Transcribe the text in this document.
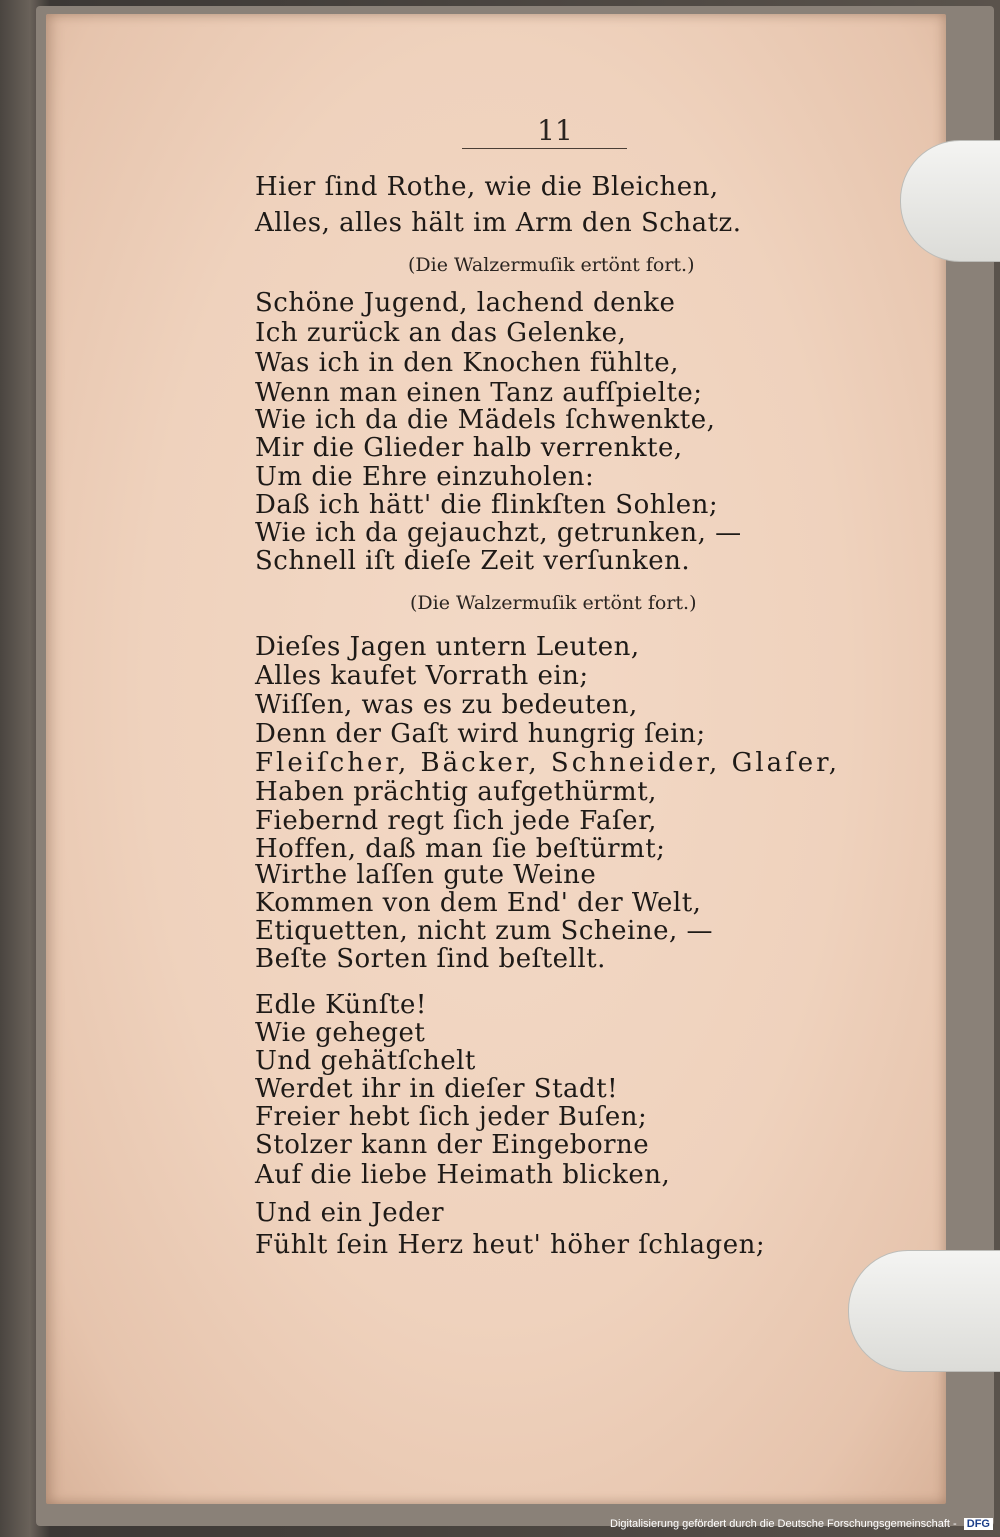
11
Hier ſind Rothe, wie die Bleichen,
Alles, alles hält im Arm den Schatz.
(Die Walzermuſik ertönt fort.)
Schöne Jugend, lachend denke
Ich zurück an das Gelenke,
Was ich in den Knochen fühlte,
Wenn man einen Tanz aufſpielte;
Wie ich da die Mädels ſchwenkte,
Mir die Glieder halb verrenkte,
Um die Ehre einzuholen:
Daß ich hätt' die flinkſten Sohlen;
Wie ich da gejauchzt, getrunken, —
Schnell iſt dieſe Zeit verſunken.
(Die Walzermuſik ertönt fort.)
Dieſes Jagen untern Leuten,
Alles kaufet Vorrath ein;
Wiſſen, was es zu bedeuten,
Denn der Gaſt wird hungrig ſein;
Fleiſcher, Bäcker, Schneider, Glaſer,
Haben prächtig aufgethürmt,
Fiebernd regt ſich jede Faſer,
Hoffen, daß man ſie beſtürmt;
Wirthe laſſen gute Weine
Kommen von dem End' der Welt,
Etiquetten, nicht zum Scheine, —
Beſte Sorten ſind beſtellt.
Edle Künſte!
Wie geheget
Und gehätſchelt
Werdet ihr in dieſer Stadt!
Freier hebt ſich jeder Buſen;
Stolzer kann der Eingeborne
Auf die liebe Heimath blicken,
Und ein Jeder
Fühlt ſein Herz heut' höher ſchlagen;
Digitalisierung gefördert durch die Deutsche Forschungsgemeinschaft - DFG
